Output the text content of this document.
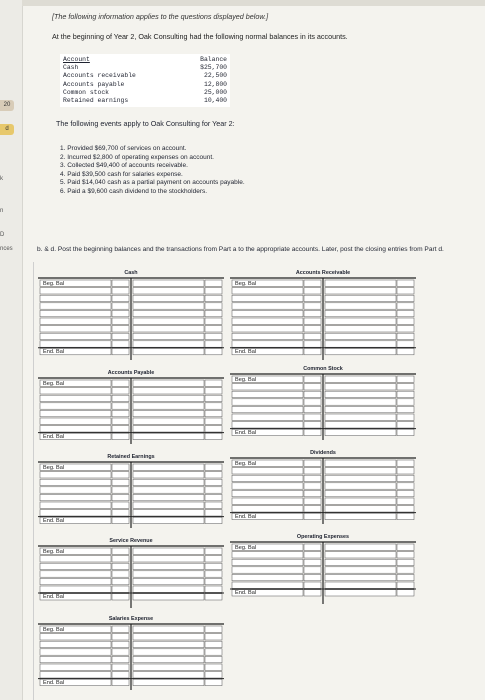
20
d
k
n
D
nces
[The following information applies to the questions displayed below.]
At the beginning of Year 2, Oak Consulting had the following normal balances in its accounts.
Account	Balance
Cash	$25,700
Accounts receivable	22,500
Accounts payable	12,800
Common stock	25,000
Retained earnings	10,400
The following events apply to Oak Consulting for Year 2:
1. Provided $69,700 of services on account.
2. Incurred $2,800 of operating expenses on account.
3. Collected $49,400 of accounts receivable.
4. Paid $39,500 cash for salaries expense.
5. Paid $14,040 cash as a partial payment on accounts payable.
6. Paid a $9,600 cash dividend to the stockholders.
b. & d. Post the beginning balances and the transactions from Part a to the appropriate accounts. Later, post the closing entries from Part d.
Cash
Beg. Bal
End. Bal
Accounts Receivable
Beg. Bal
End. Bal
Accounts Payable
Beg. Bal
End. Bal
Common Stock
Beg. Bal
End. Bal
Retained Earnings
Beg. Bal
End. Bal
Dividends
Beg. Bal
End. Bal
Service Revenue
Beg. Bal
End. Bal
Operating Expenses
Beg. Bal
End. Bal
Salaries Expense
Beg. Bal
End. Bal
